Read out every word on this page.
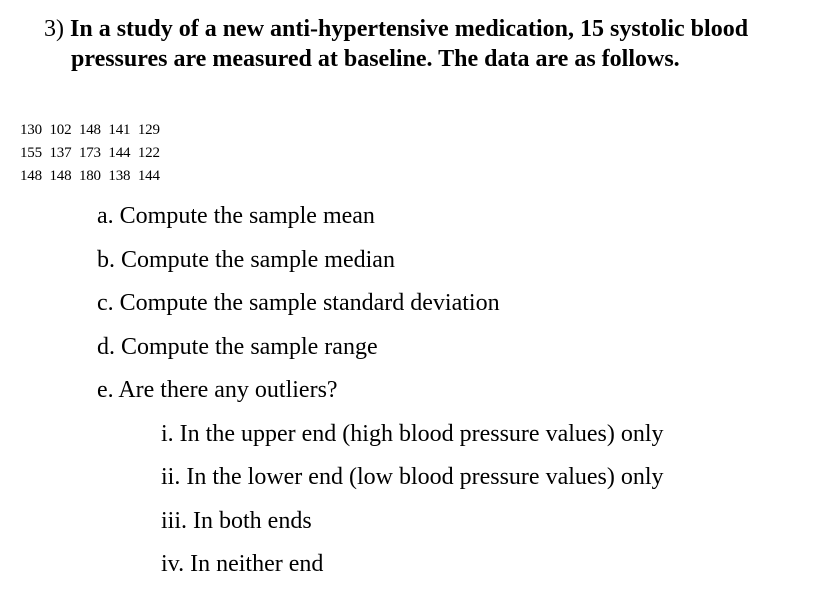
3) In a study of a new anti-hypertensive medication, 15 systolic blood pressures are measured at baseline. The data are as follows.
130 102 148 141 129
155 137 173 144 122
148 148 180 138 144
a. Compute the sample mean
b. Compute the sample median
c. Compute the sample standard deviation
d. Compute the sample range
e. Are there any outliers?
i. In the upper end (high blood pressure values) only
ii. In the lower end (low blood pressure values) only
iii. In both ends
iv. In neither end
